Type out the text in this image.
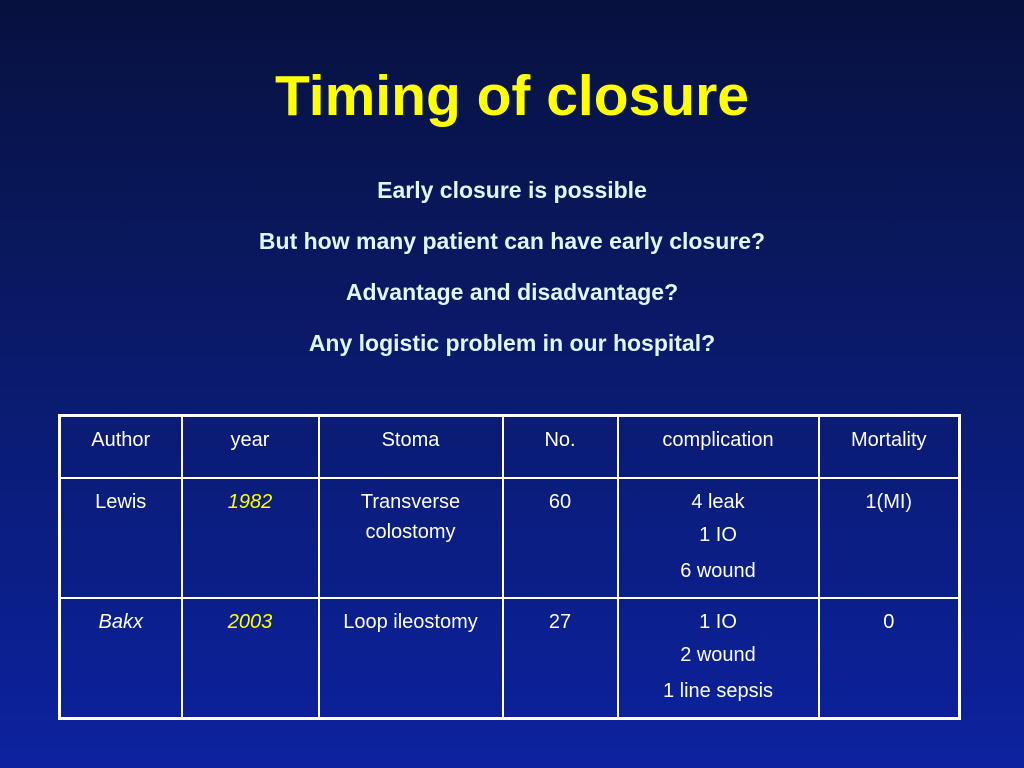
Timing of closure
Early closure is possible
But how many patient can have early closure?
Advantage and disadvantage?
Any logistic problem in our hospital?
Author	year	Stoma	No.	complication	Mortality
Lewis	1982	Transverse colostomy	60	4 leak
1 IO
6 wound	1(MI)
Bakx	2003	Loop ileostomy	27	1 IO
2 wound
1 line sepsis	0
